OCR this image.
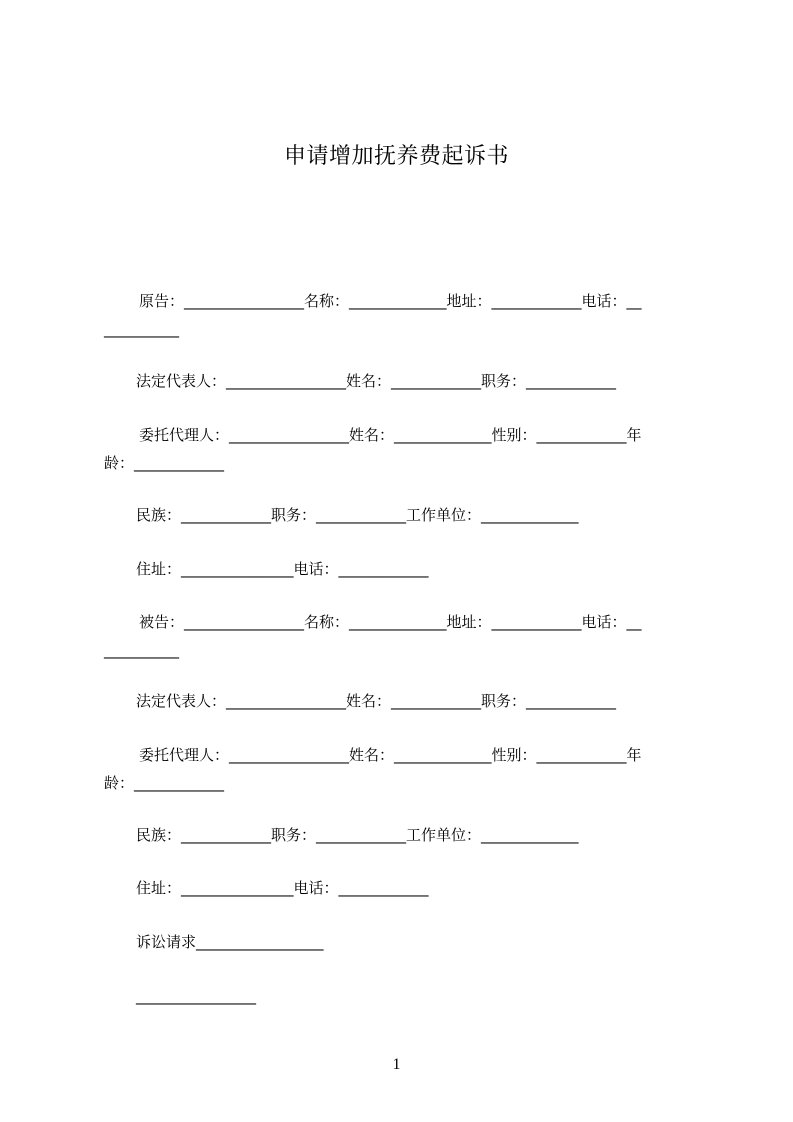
申请增加抚养费起诉书
原告：________________名称：_____________地址：____________电话：__
__________
法定代表人：________________姓名：____________职务：____________
委托代理人：________________姓名：_____________性别：____________年
龄：____________
民族：____________职务：____________工作单位：_____________
住址：_______________电话：____________
被告：________________名称：_____________地址：____________电话：__
__________
法定代表人：________________姓名：____________职务：____________
委托代理人：________________姓名：_____________性别：____________年
龄：____________
民族：____________职务：____________工作单位：_____________
住址：_______________电话：____________
诉讼请求_________________
________________
1
